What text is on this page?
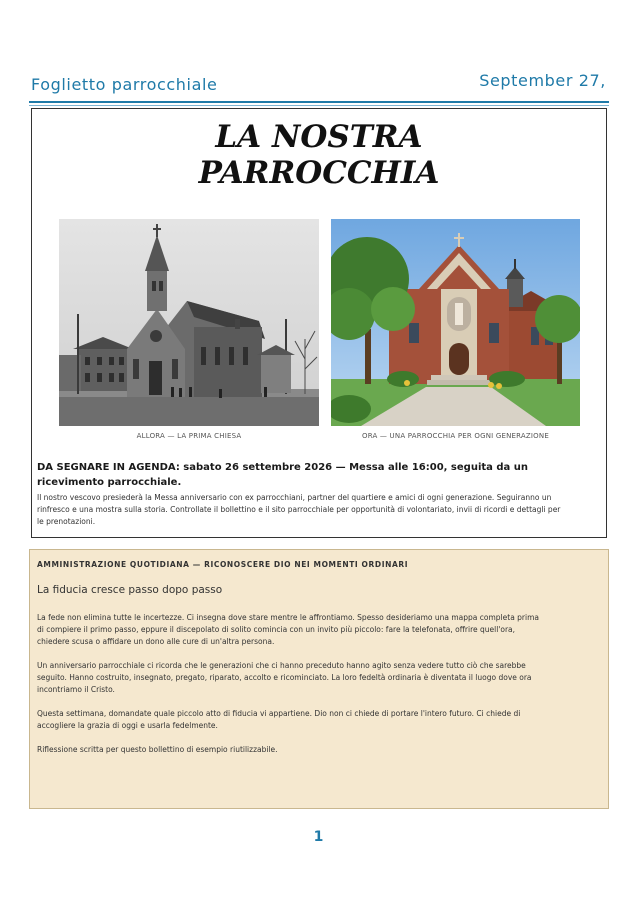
Foglietto parrocchiale	September 27,
LA NOSTRA PARROCCHIA
ALLORA — LA PRIMA CHIESA	ORA — UNA PARROCCHIA PER OGNI GENERAZIONE
DA SEGNARE IN AGENDA: sabato 26 settembre 2026 — Messa alle 16:00, seguita da un ricevimento parrocchiale.
Il nostro vescovo presiederà la Messa anniversario con ex parrocchiani, partner del quartiere e amici di ogni generazione. Seguiranno un rinfresco e una mostra sulla storia. Controllate il bollettino e il sito parrocchiale per opportunità di volontariato, invii di ricordi e dettagli per le prenotazioni.
AMMINISTRAZIONE QUOTIDIANA — RICONOSCERE DIO NEI MOMENTI ORDINARI
La fiducia cresce passo dopo passo

La fede non elimina tutte le incertezze. Ci insegna dove stare mentre le affrontiamo. Spesso desideriamo una mappa completa prima di compiere il primo passo, eppure il discepolato di solito comincia con un invito più piccolo: fare la telefonata, offrire quell'ora, chiedere scusa o affidare un dono alle cure di un'altra persona.

Un anniversario parrocchiale ci ricorda che le generazioni che ci hanno preceduto hanno agito senza vedere tutto ciò che sarebbe seguito. Hanno costruito, insegnato, pregato, riparato, accolto e ricominciato. La loro fedeltà ordinaria è diventata il luogo dove ora incontriamo il Cristo.

Questa settimana, domandate quale piccolo atto di fiducia vi appartiene. Dio non ci chiede di portare l'intero futuro. Ci chiede di accogliere la grazia di oggi e usarla fedelmente.

Riflessione scritta per questo bollettino di esempio riutilizzabile.

1
